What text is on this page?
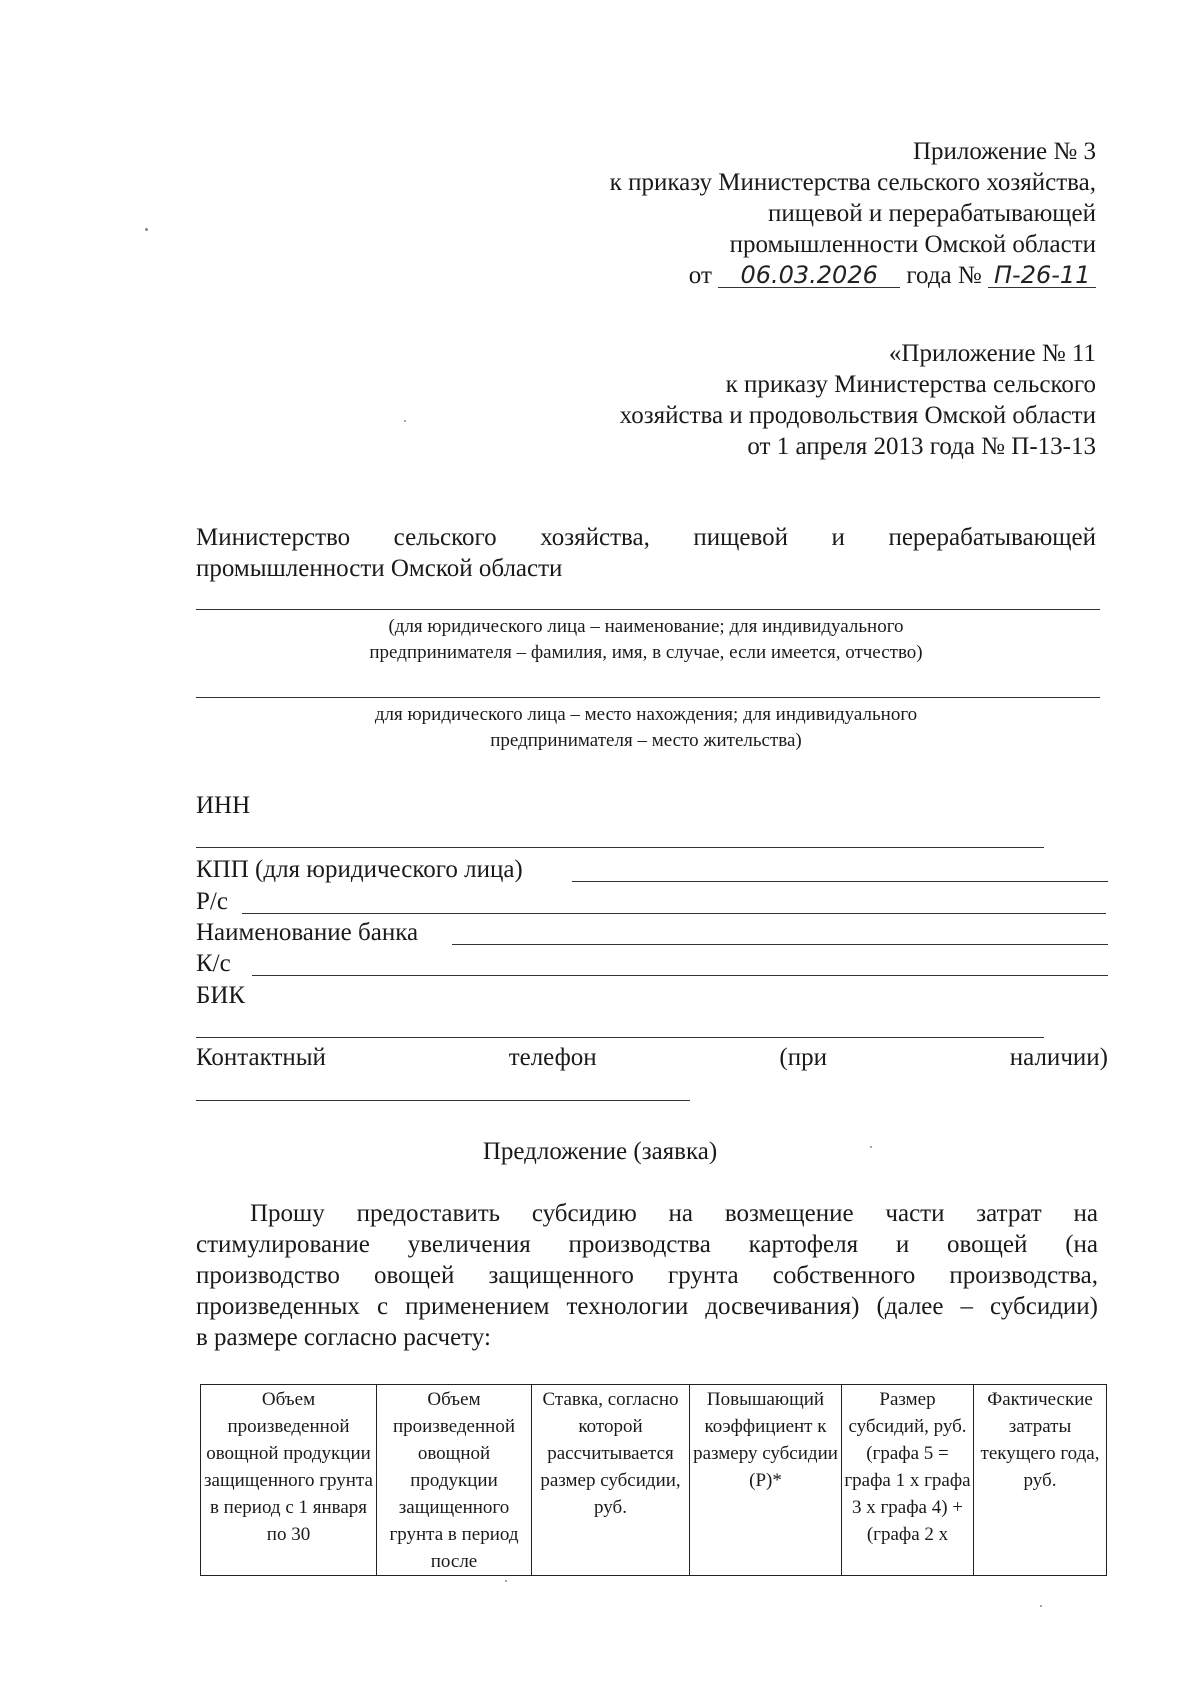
Приложение № 3
к приказу Министерства сельского хозяйства,
пищевой и перерабатывающей
промышленности Омской области
от 06.03.2026 года № П-26-11
«Приложение № 11
к приказу Министерства сельского
хозяйства и продовольствия Омской области
от 1 апреля 2013 года № П-13-13
Министерство сельского хозяйства, пищевой и перерабатывающей
промышленности Омской области
(для юридического лица – наименование; для индивидуального
предпринимателя – фамилия, имя, в случае, если имеется, отчество)
для юридического лица – место нахождения; для индивидуального
предпринимателя – место жительства)
ИНН
КПП (для юридического лица)
Р/с
Наименование банка
К/с
БИК
Контактный	телефон	(при	наличии)
Предложение (заявка)
Прошу предоставить субсидию на возмещение части затрат на
стимулирование увеличения производства картофеля и овощей (на
производство овощей защищенного грунта собственного производства,
произведенных с применением технологии досвечивания) (далее – субсидии)
в размере согласно расчету:
Объем произведенной овощной продукции защищенного грунта в период с 1 января по 30	Объем произведенной овощной продукции защищенного грунта в период после	Ставка, согласно которой рассчитывается размер субсидии, руб.	Повышающий коэффициент к размеру субсидии (Р)*	Размер субсидий, руб. (графа 5 = графа 1 х графа 3 х графа 4) + (графа 2 х	Фактические затраты текущего года, руб.
